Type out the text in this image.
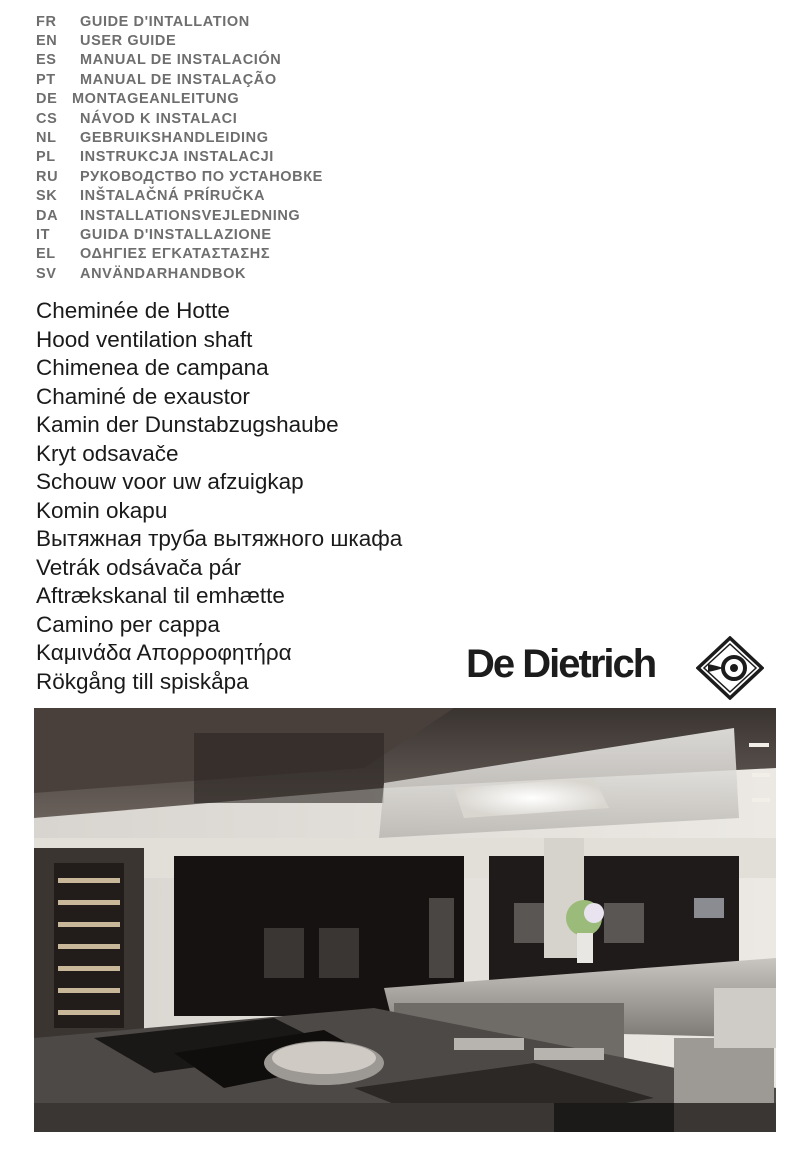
FR	GUIDE D'INTALLATION
EN	USER GUIDE
ES	MANUAL DE INSTALACIÓN
PT	MANUAL DE INSTALAÇÃO
DE	MONTAGEANLEITUNG
CS	NÁVOD K INSTALACI
NL	GEBRUIKSHANDLEIDING
PL	INSTRUKCJA INSTALACJI
RU	РУКОВОДСТВО ПО УСТАНОВКЕ
SK	INŠTALAČNÁ PRÍRUČKA
DA	INSTALLATIONSVEJLEDNING
IT	GUIDA D'INSTALLAZIONE
EL	ΟΔΗΓΙΕΣ ΕΓΚΑΤΑΣΤΑΣΗΣ
SV	ANVÄNDARHANDBOK
Cheminée de Hotte
Hood ventilation shaft
Chimenea de campana
Chaminé de exaustor
Kamin der Dunstabzugshaube
Kryt odsavače
Schouw voor uw afzuigkap
Komin okapu
Вытяжная труба вытяжного шкафа
Vetrák odsávača pár
Aftrækskanal til emhætte
Camino per cappa
Καμινάδα Απορροφητήρα
Rökgång till spiskåpa	De Dietrich
